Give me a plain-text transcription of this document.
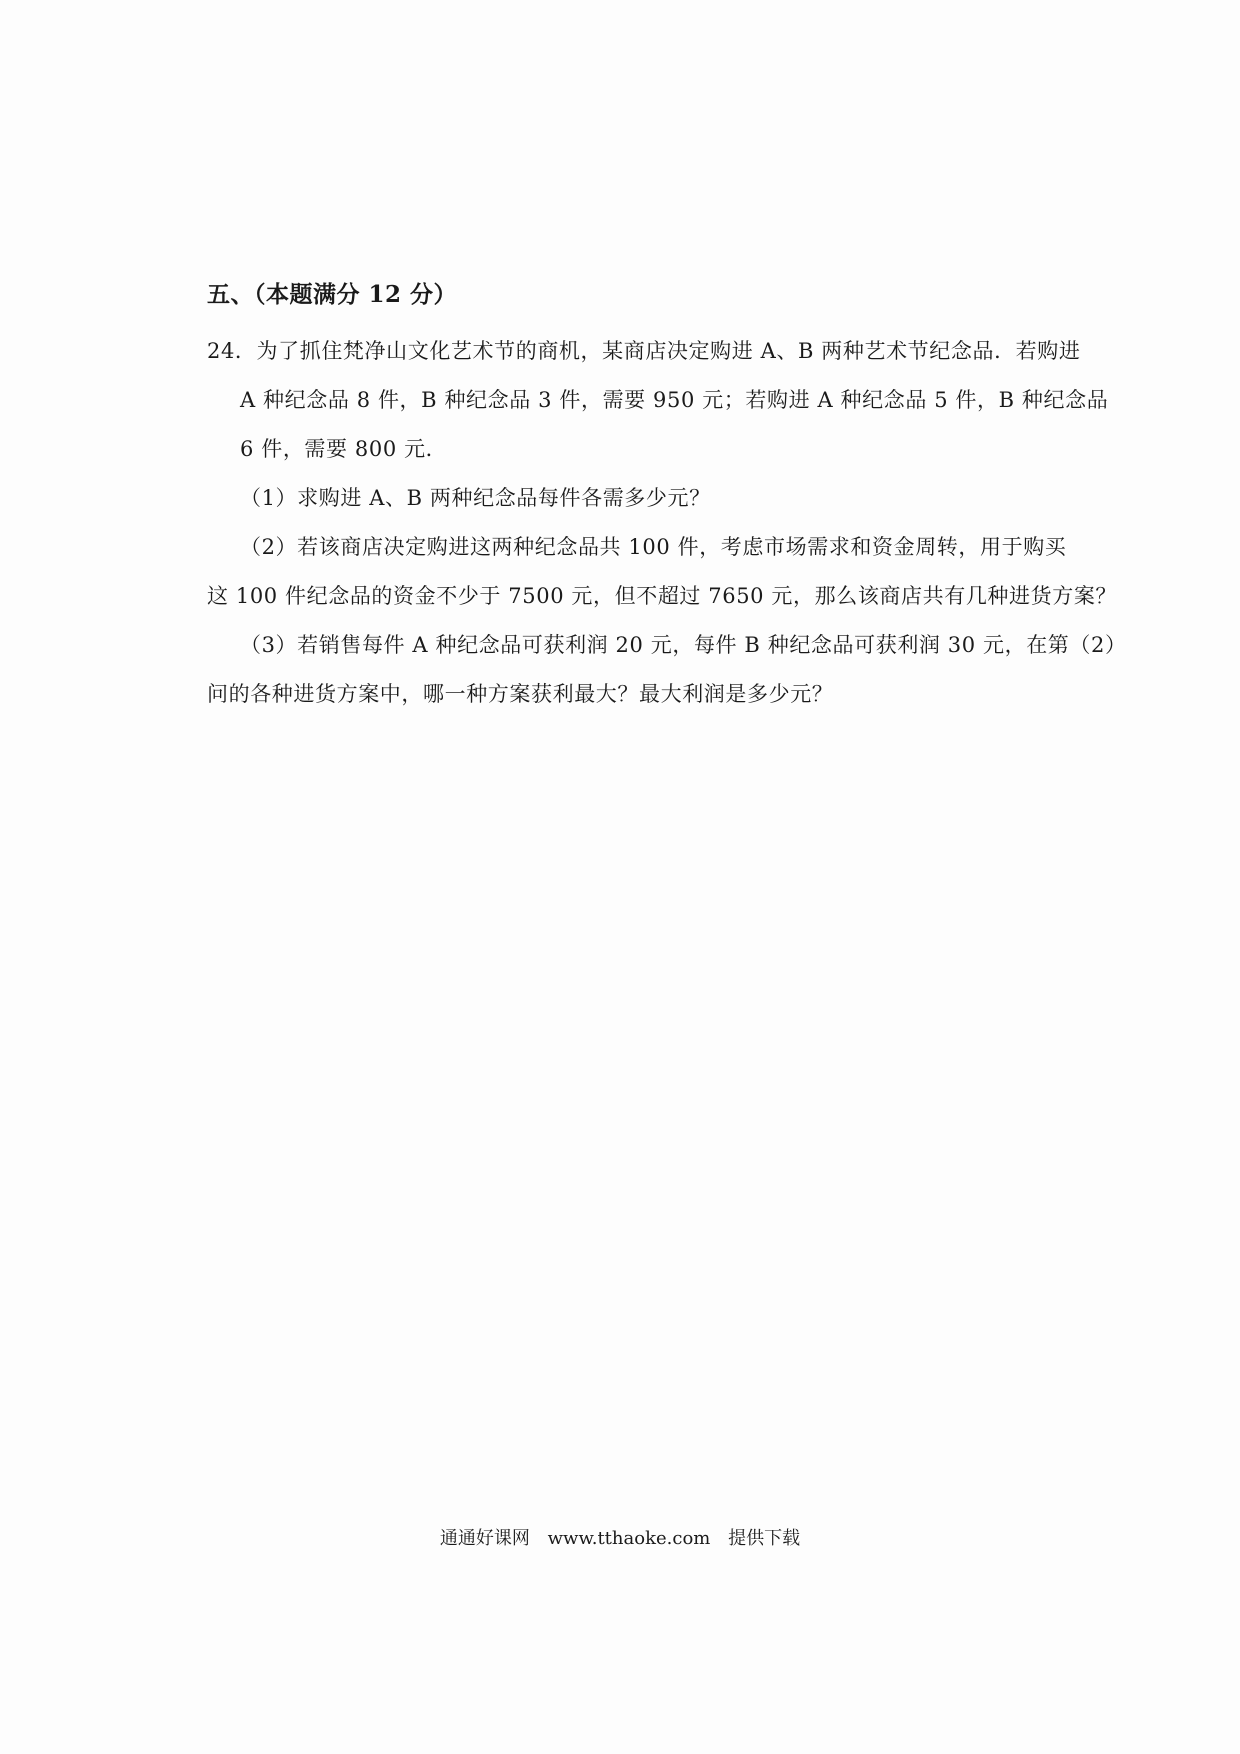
五、（本题满分 12 分）
24．为了抓住梵净山文化艺术节的商机，某商店决定购进 A、B 两种艺术节纪念品．若购进
A 种纪念品 8 件，B 种纪念品 3 件，需要 950 元；若购进 A 种纪念品 5 件，B 种纪念品
6 件，需要 800 元．
（1）求购进 A、B 两种纪念品每件各需多少元？
（2）若该商店决定购进这两种纪念品共 100 件，考虑市场需求和资金周转，用于购买
这 100 件纪念品的资金不少于 7500 元，但不超过 7650 元，那么该商店共有几种进货方案？
（3）若销售每件 A 种纪念品可获利润 20 元，每件 B 种纪念品可获利润 30 元，在第（2）
问的各种进货方案中，哪一种方案获利最大？最大利润是多少元？
通通好课网 www.tthaoke.com 提供下载
